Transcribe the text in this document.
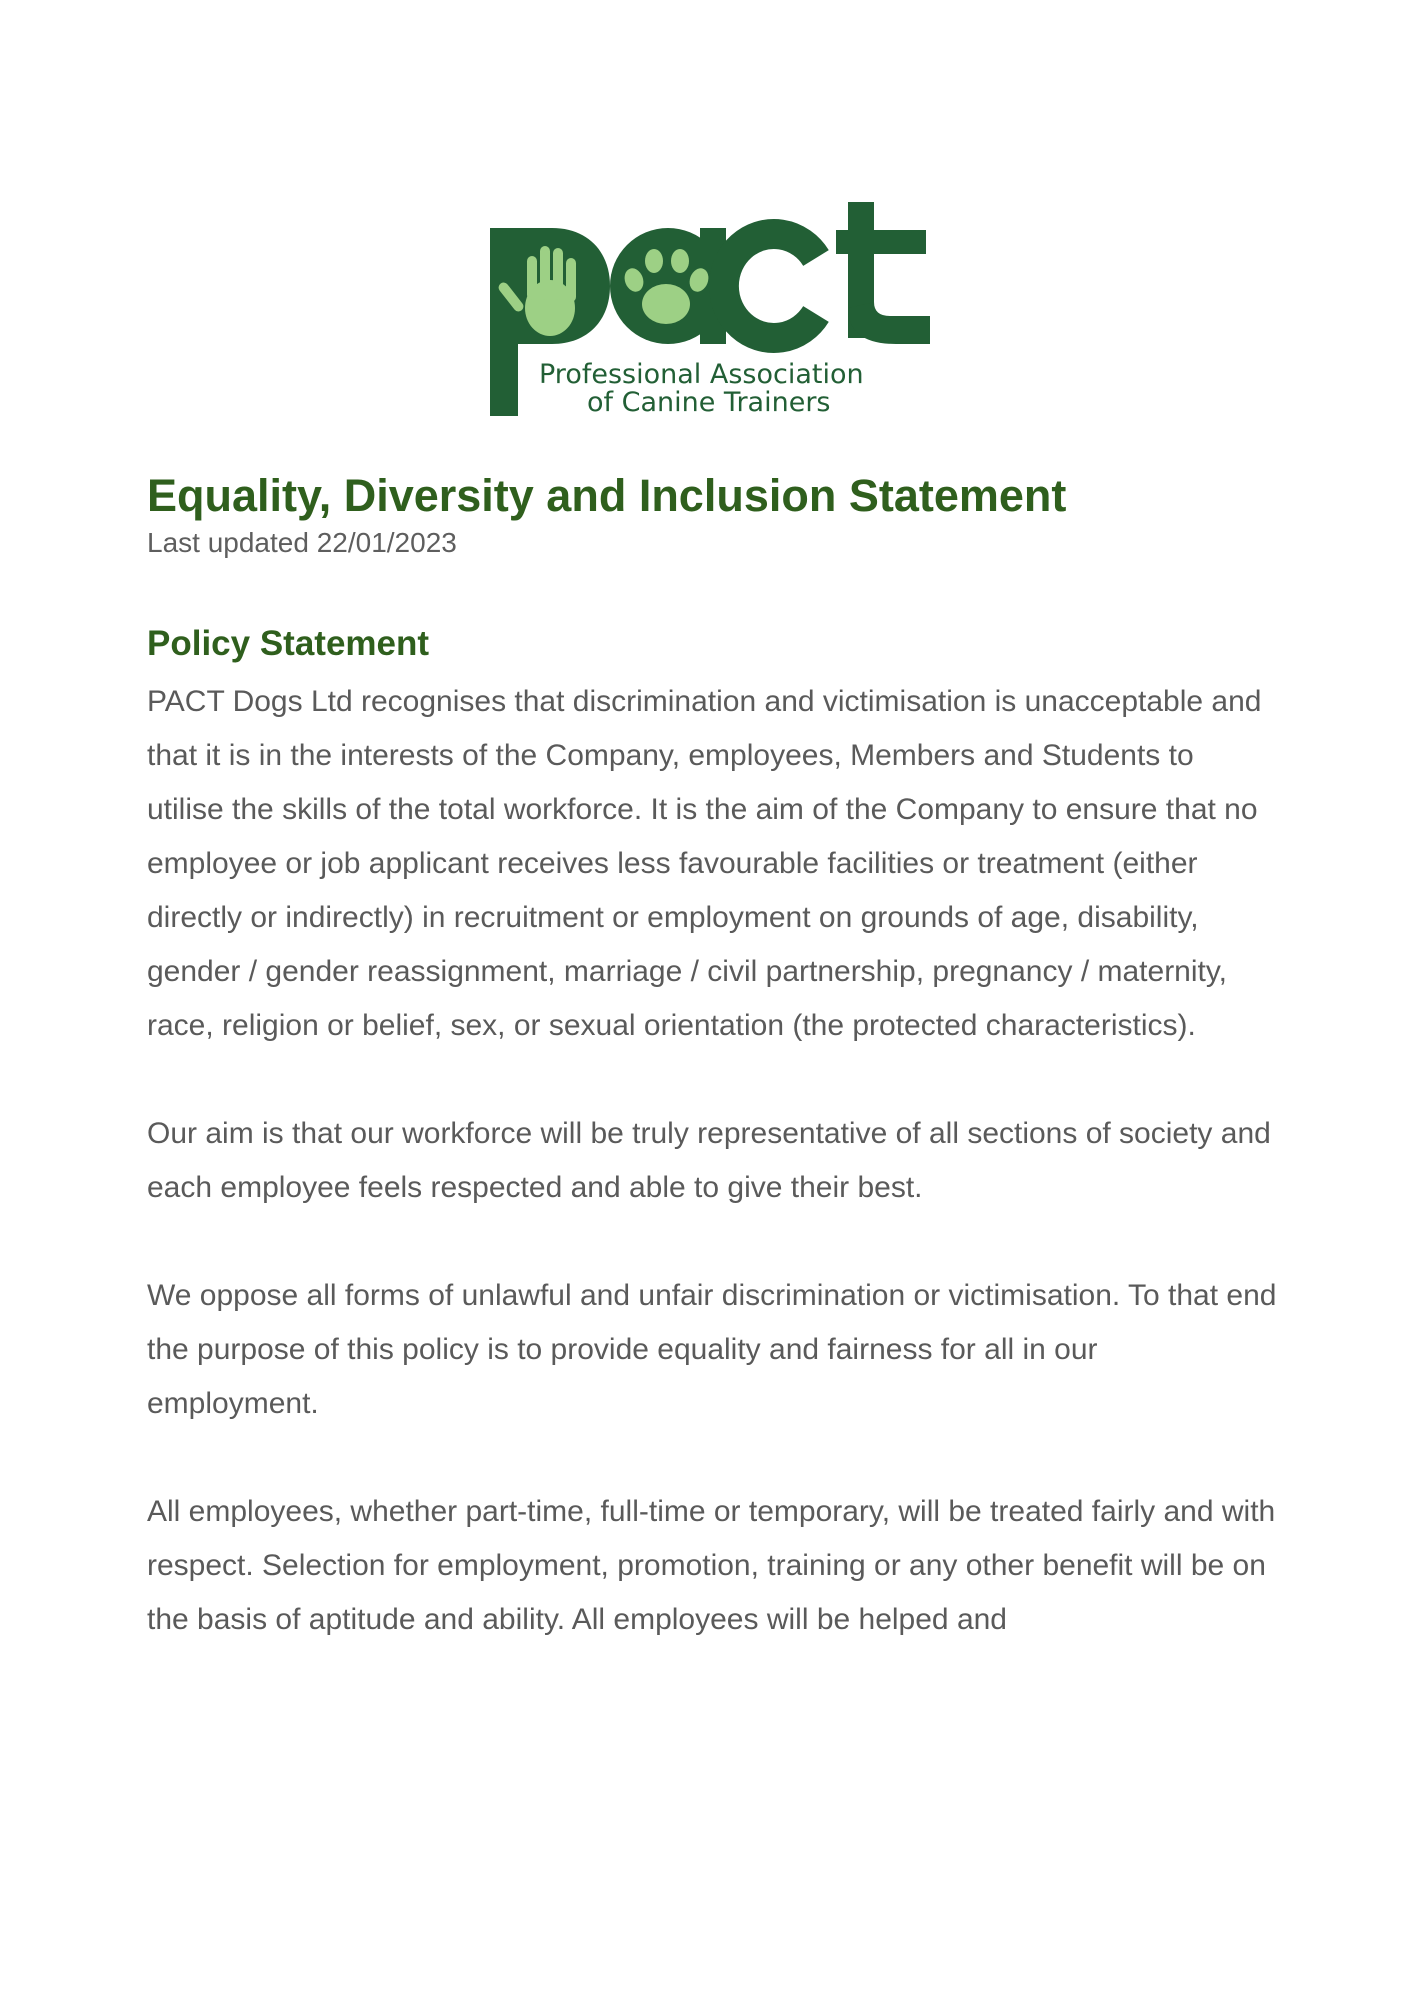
Professional Association
of Canine Trainers
Equality, Diversity and Inclusion Statement

Last updated 22/01/2023

Policy Statement

PACT Dogs Ltd recognises that discrimination and victimisation is unacceptable and that it is in the interests of the Company, employees, Members and Students to utilise the skills of the total workforce. It is the aim of the Company to ensure that no employee or job applicant receives less favourable facilities or treatment (either directly or indirectly) in recruitment or employment on grounds of age, disability, gender / gender reassignment, marriage / civil partnership, pregnancy / maternity, race, religion or belief, sex, or sexual orientation (the protected characteristics).

Our aim is that our workforce will be truly representative of all sections of society and each employee feels respected and able to give their best.

We oppose all forms of unlawful and unfair discrimination or victimisation. To that end the purpose of this policy is to provide equality and fairness for all in our employment.

All employees, whether part-time, full-time or temporary, will be treated fairly and with respect. Selection for employment, promotion, training or any other benefit will be on the basis of aptitude and ability. All employees will be helped and
